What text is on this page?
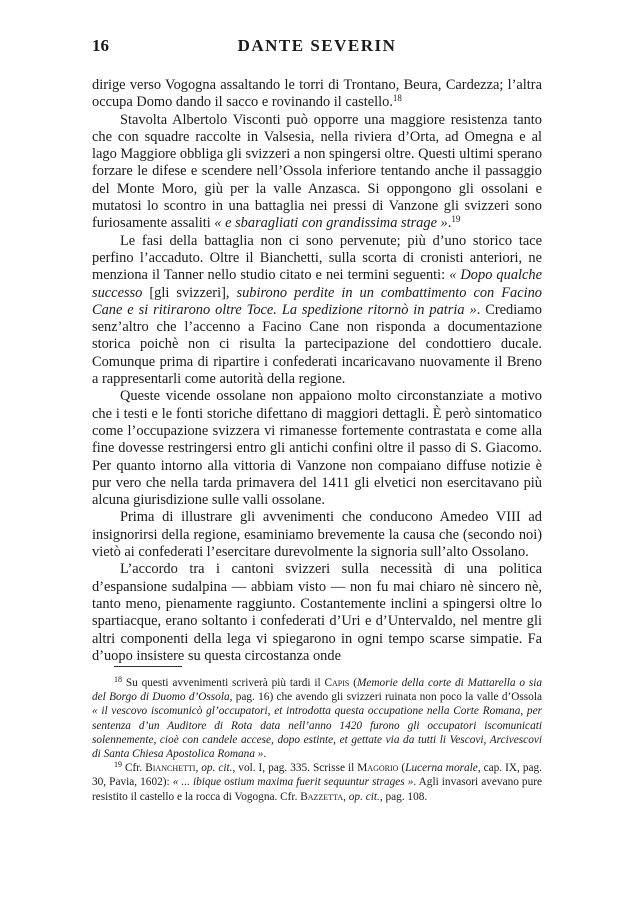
16	DANTE SEVERIN

dirige verso Vogogna assaltando le torri di Trontano, Beura, Cardezza; l’altra occupa Domo dando il sacco e rovinando il castello.$^{18}$

Stavolta Albertolo Visconti può opporre una maggiore resistenza tanto che con squadre raccolte in Valsesia, nella riviera d’Orta, ad Omegna e al lago Maggiore obbliga gli svizzeri a non spingersi oltre. Questi ultimi sperano forzare le difese e scendere nell’Ossola inferiore tentando anche il passaggio del Monte Moro, giù per la valle Anzasca. Si oppongono gli ossolani e mutatosi lo scontro in una battaglia nei pressi di Vanzone gli svizzeri sono furiosamente assaliti « e sbaragliati con grandissima strage ».$^{19}$

Le fasi della battaglia non ci sono pervenute; più d’uno storico tace perfino l’accaduto. Oltre il Bianchetti, sulla scorta di cronisti anteriori, ne menziona il Tanner nello studio citato e nei termini seguenti: « Dopo qualche successo [gli svizzeri], subirono perdite in un combattimento con Facino Cane e si ritirarono oltre Toce. La spedizione ritornò in patria ». Crediamo senz’altro che l’accenno a Facino Cane non risponda a documentazione storica poichè non ci risulta la partecipazione del condottiero ducale. Comunque prima di ripartire i confederati incaricavano nuovamente il Breno a rappresentarli come autorità della regione.

Queste vicende ossolane non appaiono molto circonstanziate a motivo che i testi e le fonti storiche difettano di maggiori dettagli. È però sintomatico come l’occupazione svizzera vi rimanesse fortemente contrastata e come alla fine dovesse restringersi entro gli antichi confini oltre il passo di S. Giacomo. Per quanto intorno alla vittoria di Vanzone non compaiano diffuse notizie è pur vero che nella tarda primavera del 1411 gli elvetici non esercitavano più alcuna giurisdizione sulle valli ossolane.

Prima di illustrare gli avvenimenti che conducono Amedeo VIII ad insignorirsi della regione, esaminiamo brevemente la causa che (secondo noi) vietò ai confederati l’esercitare durevolmente la signoria sull’alto Ossolano.

L’accordo tra i cantoni svizzeri sulla necessità di una politica d’espansione sudalpina — abbiam visto — non fu mai chiaro nè sincero nè, tanto meno, pienamente raggiunto. Costantemente inclini a spingersi oltre lo spartiacque, erano soltanto i confederati d’Uri e d’Untervaldo, nel mentre gli altri componenti della lega vi spiegarono in ogni tempo scarse simpatie. Fa d’uopo insistere su questa circostanza onde

$^{18}$ Su questi avvenimenti scriverà più tardi il Capis (Memorie della corte di Mattarella o sia del Borgo di Duomo d’Ossola, pag. 16) che avendo gli svizzeri ruinata non poco la valle d’Ossola « il vescovo iscomunicò gl’occupatori, et introdotta questa occupatione nella Corte Romana, per sentenza d’un Auditore di Rota data nell’anno 1420 furono gli occupatori iscomunicati solennemente, cioè con candele accese, dopo estinte, et gettate via da tutti li Vescovi, Arcivescovi di Santa Chiesa Apostolica Romana ».

$^{19}$ Cfr. Bianchetti, op. cit., vol. I, pag. 335. Scrisse il Magorio (Lucerna morale, cap. IX, pag. 30, Pavia, 1602): « ... ibique ostium maxima fuerit sequuntur strages ». Agli invasori avevano pure resistito il castello e la rocca di Vogogna. Cfr. Bazzetta, op. cit., pag. 108.
